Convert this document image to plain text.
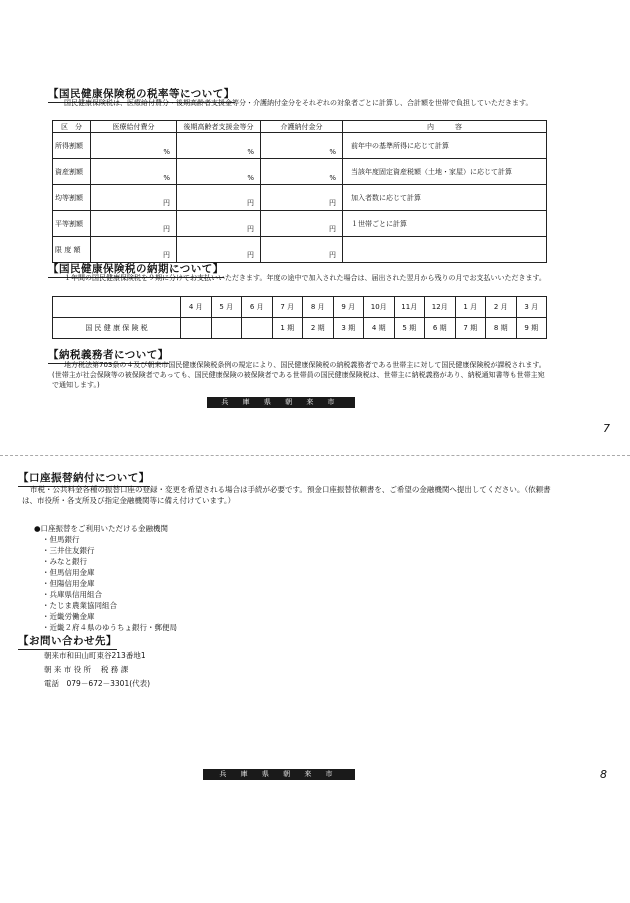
【国民健康保険税の税率等について】
国民健康保険税は、医療給付費分・後期高齢者支援金等分・介護納付金分をそれぞれの対象者ごとに計算し、合計額を世帯で負担していただきます。
区　分	医療給付費分	後期高齢者支援金等分	介護納付金分	内　　　容
所得割額	%	%	%	前年中の基準所得に応じて計算
資産割額	%	%	%	当該年度固定資産税額（土地・家屋）に応じて計算
均等割額	円	円	円	加入者数に応じて計算
平等割額	円	円	円	１世帯ごとに計算
限 度 額	円	円	円	
【国民健康保険税の納期について】
１年間の国民健康保険税を９期に分けてお支払いいただきます。年度の途中で加入された場合は、届出された翌月から残りの月でお支払いいただきます。
	4 月	5 月	6 月	7 月	8 月	9 月	10月	11月	12月	1 月	2 月	3 月
国 民 健 康 保 険 税				1 期	2 期	3 期	4 期	5 期	6 期	7 期	8 期	9 期
【納税義務者について】
地方税法第703条の４及び朝来市国民健康保険税条例の規定により、国民健康保険税の納税義務者である世帯主に対して国民健康保険税が課税されます。(世帯主が社会保険等の被保険者であっても、国民健康保険の被保険者である世帯員の国民健康保険税は、世帯主に納税義務があり、納税通知書等も世帯主宛で通知します。)
兵 庫 県 朝 来 市
7
【口座振替納付について】
市税・公共料金各種の振替口座の登録・変更を希望される場合は手続が必要です。預金口座振替依頼書を、ご希望の金融機関へ提出してください。（依頼書は、市役所・各支所及び指定金融機関等に備え付けています。）
●口座振替をご利用いただける金融機関
・但馬銀行
・三井住友銀行
・みなと銀行
・但馬信用金庫
・但陽信用金庫
・兵庫県信用組合
・たじま農業協同組合
・近畿労働金庫
・近畿２府４県のゆうちょ銀行・郵便局
【お問い合わせ先】
朝来市和田山町東谷213番地1
朝 来 市 役 所　 税 務 課
電話　079－672－3301(代表)
兵 庫 県 朝 来 市	8
